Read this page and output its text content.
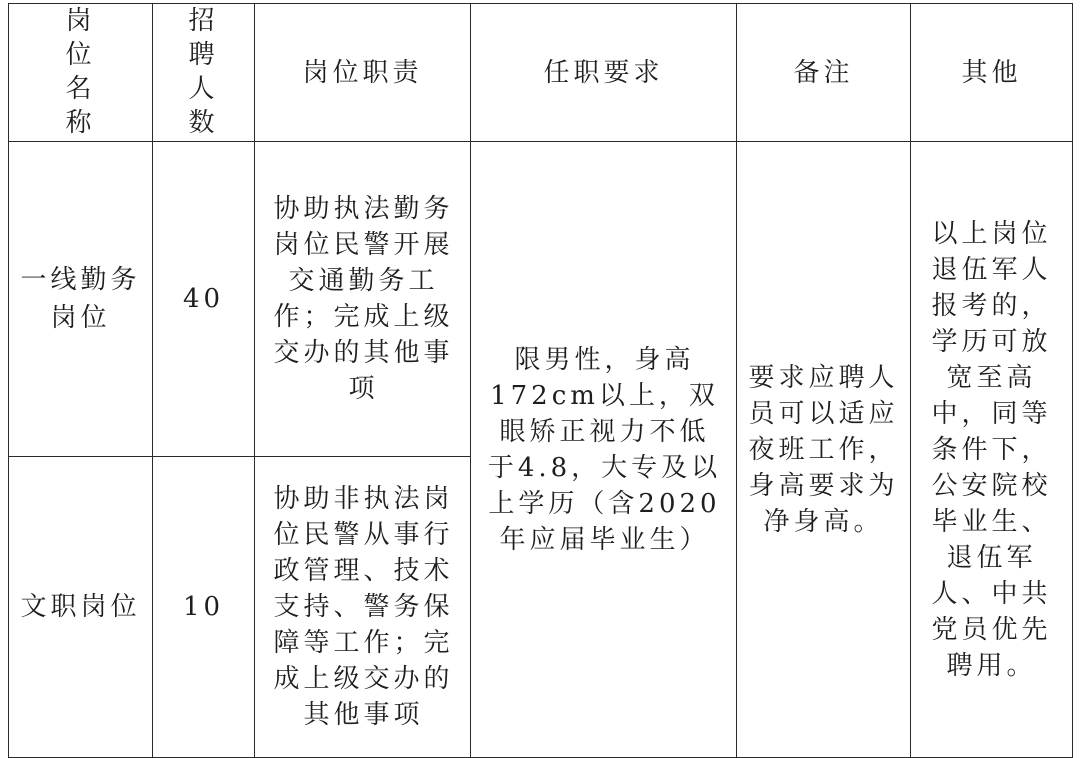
岗位名称	招聘人数	岗位职责	任职要求	备注	其他
一线勤务岗位	40	协助执法勤务岗位民警开展交通勤务工作；完成上级交办的其他事项	限男性，身高172cm以上，双眼矫正视力不低于4.8，大专及以上学历（含2020年应届毕业生）	要求应聘人员可以适应夜班工作，身高要求为净身高。	以上岗位退伍军人报考的，学历可放宽至高中，同等条件下，公安院校毕业生、退伍军人、中共党员优先聘用。

文职岗位	10	协助非执法岗位民警从事行政管理、技术支持、警务保障等工作；完成上级交办的其他事项			
